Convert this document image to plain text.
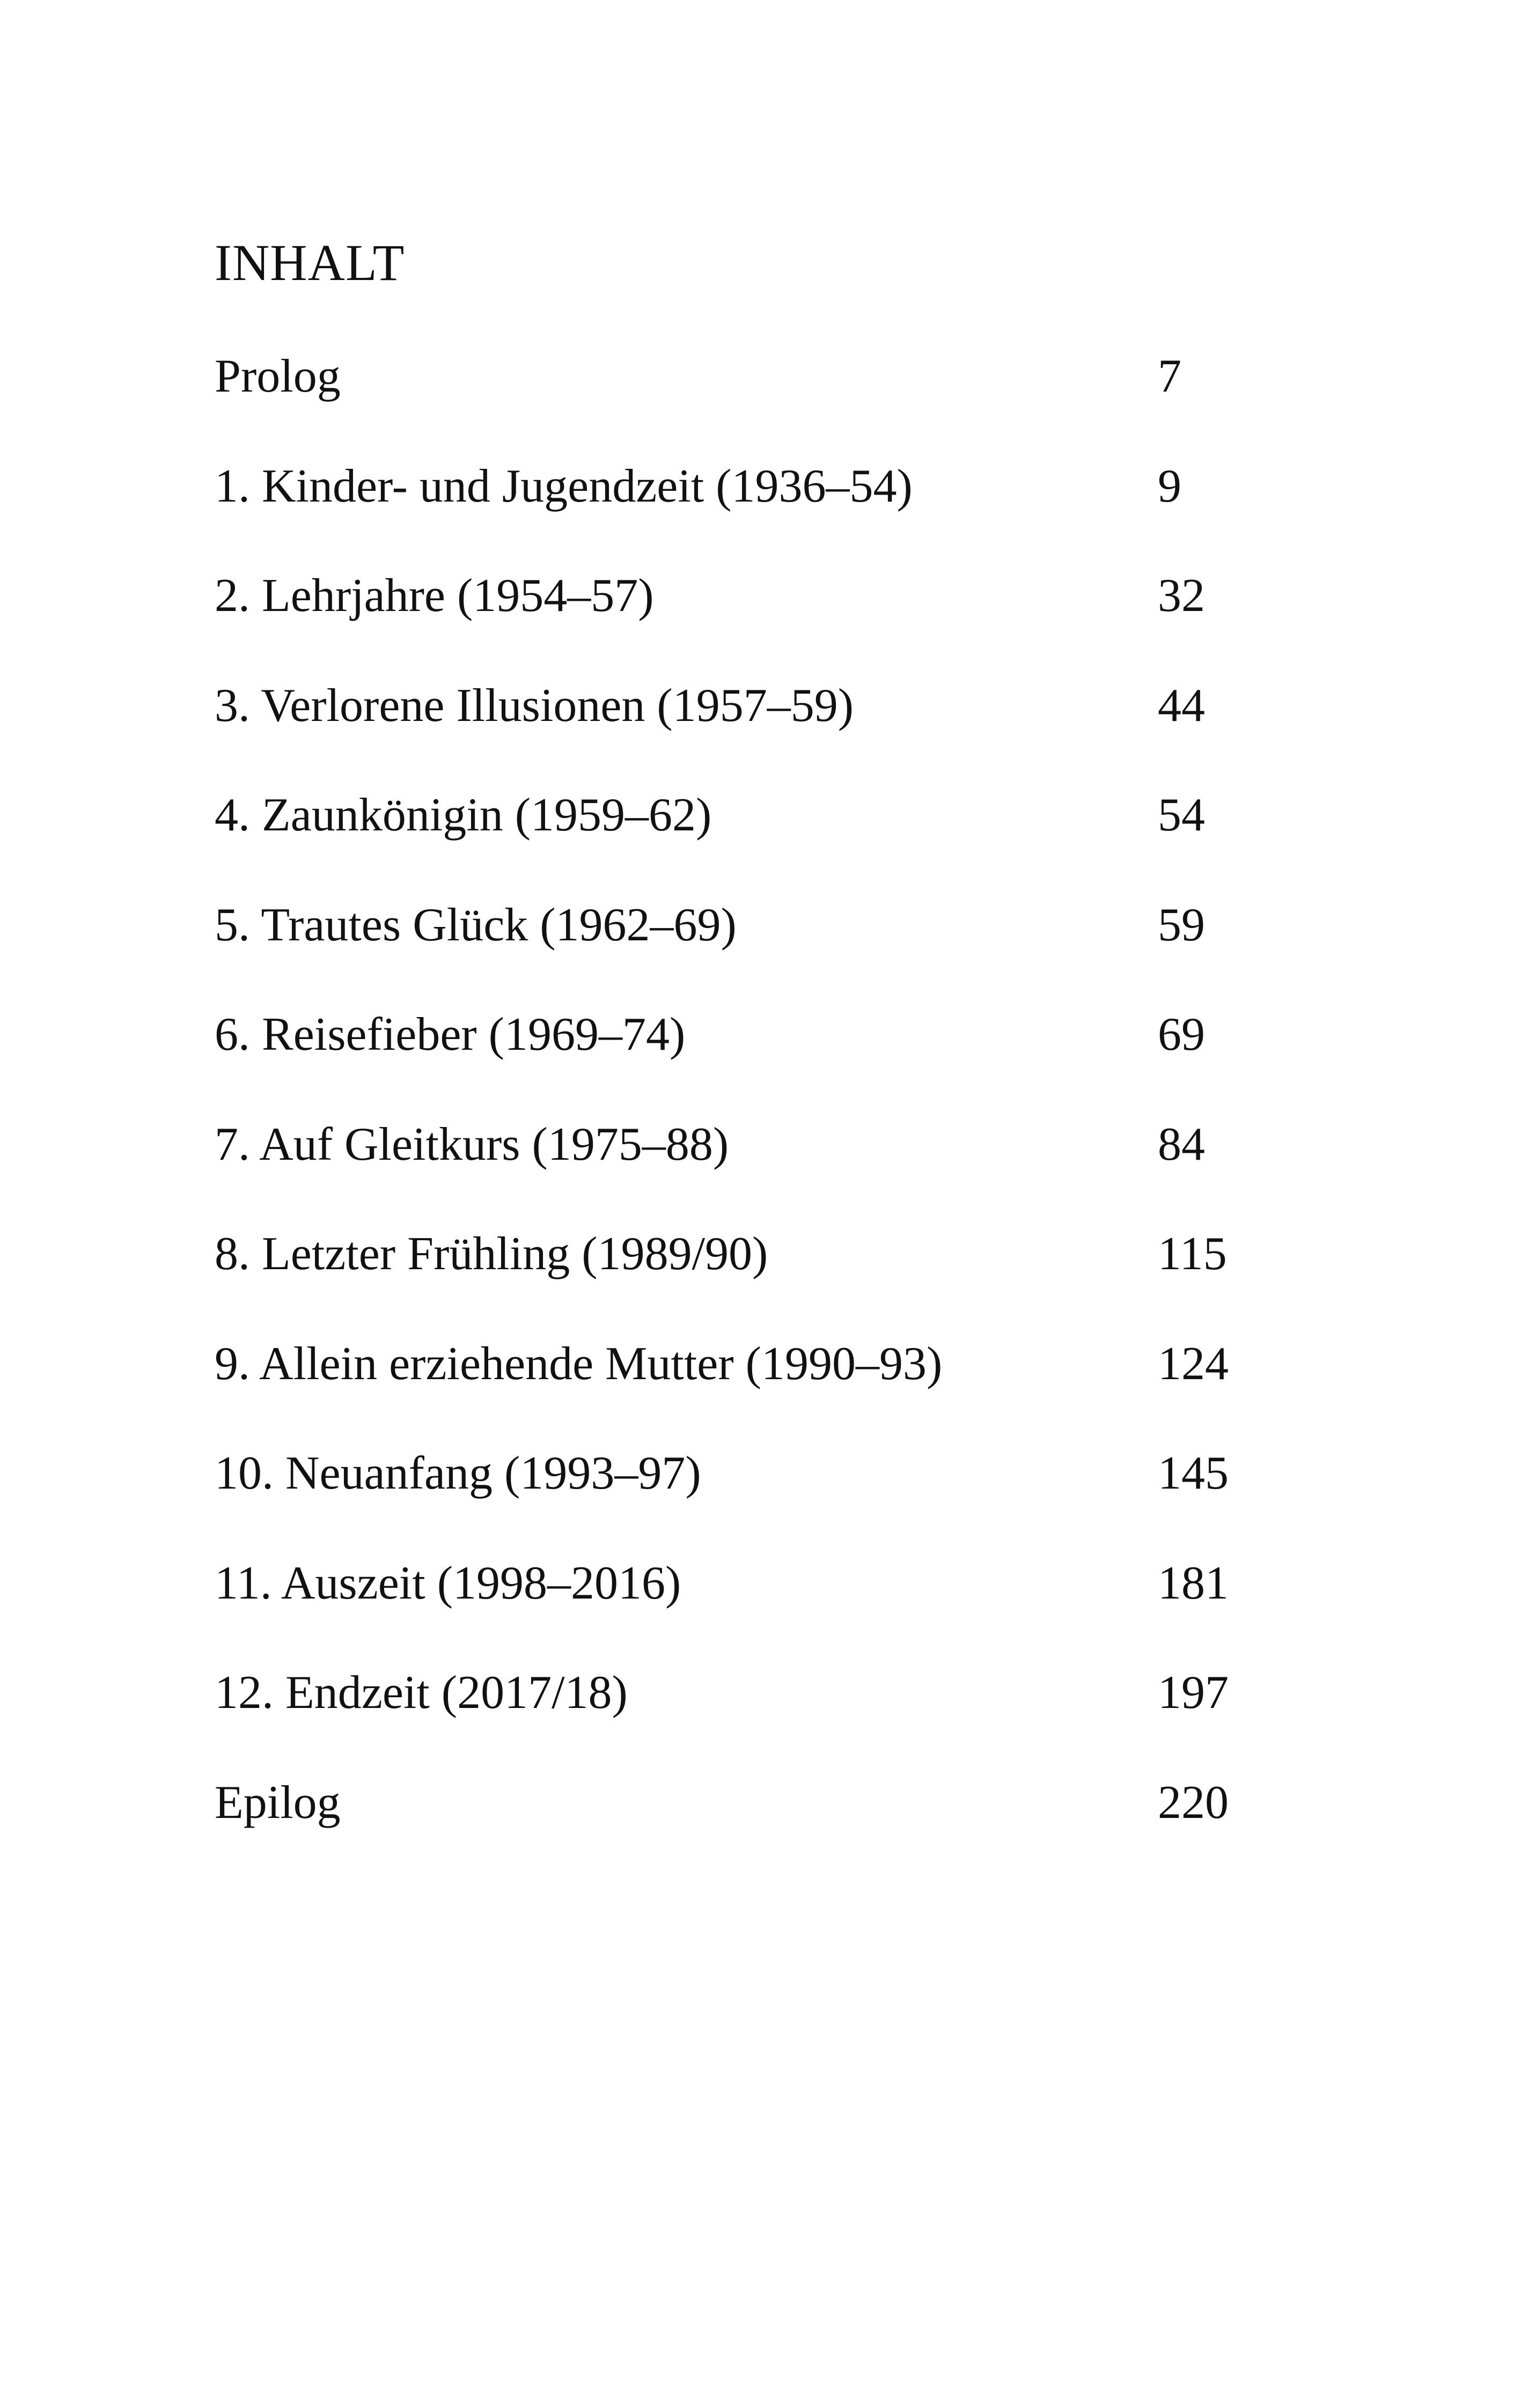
INHALT
Prolog	7
1. Kinder- und Jugendzeit (1936–54)	9
2. Lehrjahre (1954–57)	32
3. Verlorene Illusionen (1957–59)	44
4. Zaunkönigin (1959–62)	54
5. Trautes Glück (1962–69)	59
6. Reisefieber (1969–74)	69
7. Auf Gleitkurs (1975–88)	84
8. Letzter Frühling (1989/90)	115
9. Allein erziehende Mutter (1990–93)	124
10. Neuanfang (1993–97)	145
11. Auszeit (1998–2016)	181
12. Endzeit (2017/18)	197
Epilog	220
